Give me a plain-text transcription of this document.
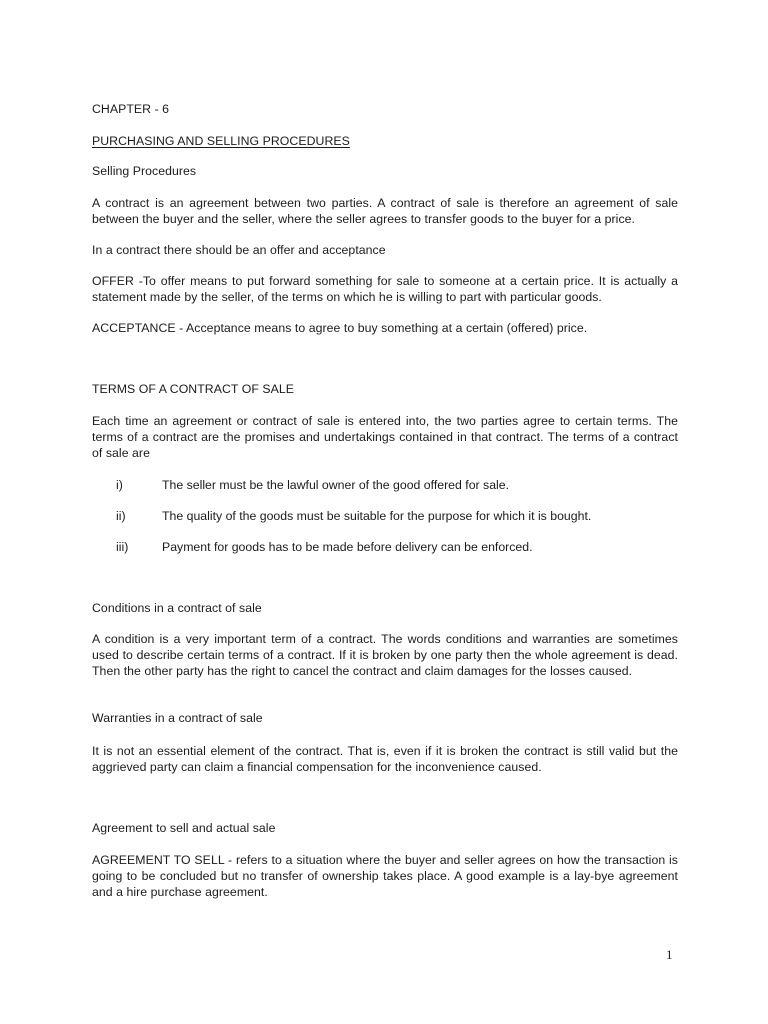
CHAPTER - 6

PURCHASING AND SELLING PROCEDURES

Selling Procedures

A contract is an agreement between two parties. A contract of sale is therefore an agreement of sale between the buyer and the seller, where the seller agrees to transfer goods to the buyer for a price.

In a contract there should be an offer and acceptance

OFFER -To offer means to put forward something for sale to someone at a certain price. It is actually a statement made by the seller, of the terms on which he is willing to part with particular goods.

ACCEPTANCE - Acceptance means to agree to buy something at a certain (offered) price.

TERMS OF A CONTRACT OF SALE

Each time an agreement or contract of sale is entered into, the two parties agree to certain terms. The terms of a contract are the promises and undertakings contained in that contract. The terms of a contract of sale are

i)	The seller must be the lawful owner of the good offered for sale.
ii)	The quality of the goods must be suitable for the purpose for which it is bought.
iii)	Payment for goods has to be made before delivery can be enforced.

Conditions in a contract of sale

A condition is a very important term of a contract. The words conditions and warranties are sometimes used to describe certain terms of a contract. If it is broken by one party then the whole agreement is dead. Then the other party has the right to cancel the contract and claim damages for the losses caused.

Warranties in a contract of sale

It is not an essential element of the contract. That is, even if it is broken the contract is still valid but the aggrieved party can claim a financial compensation for the inconvenience caused.

Agreement to sell and actual sale

AGREEMENT TO SELL - refers to a situation where the buyer and seller agrees on how the transaction is going to be concluded but no transfer of ownership takes place. A good example is a lay-bye agreement and a hire purchase agreement.

1
